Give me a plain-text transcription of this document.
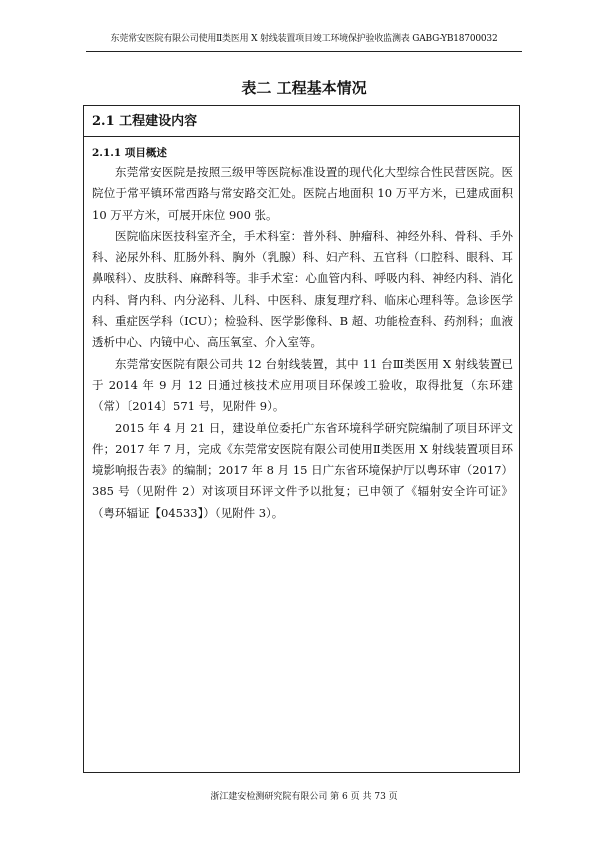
东莞常安医院有限公司使用Ⅱ类医用 X 射线装置项目竣工环境保护验收监测表 GABG-YB18700032
表二 工程基本情况
2.1 工程建设内容
2.1.1 项目概述

东莞常安医院是按照三级甲等医院标准设置的现代化大型综合性民营医院。医院位于常平镇环常西路与常安路交汇处。医院占地面积 10 万平方米，已建成面积 10 万平方米，可展开床位 900 张。

医院临床医技科室齐全，手术科室：普外科、肿瘤科、神经外科、骨科、手外科、泌尿外科、肛肠外科、胸外（乳腺）科、妇产科、五官科（口腔科、眼科、耳鼻喉科）、皮肤科、麻醉科等。非手术室：心血管内科、呼吸内科、神经内科、消化内科、肾内科、内分泌科、儿科、中医科、康复理疗科、临床心理科等。急诊医学科、重症医学科（ICU）；检验科、医学影像科、B 超、功能检查科、药剂科；血液透析中心、内镜中心、高压氧室、介入室等。

东莞常安医院有限公司共 12 台射线装置，其中 11 台Ⅲ类医用 X 射线装置已于 2014 年 9 月 12 日通过核技术应用项目环保竣工验收，取得批复（东环建（常）〔2014〕571 号，见附件 9）。

2015 年 4 月 21 日，建设单位委托广东省环境科学研究院编制了项目环评文件；2017 年 7 月，完成《东莞常安医院有限公司使用Ⅱ类医用 X 射线装置项目环境影响报告表》的编制；2017 年 8 月 15 日广东省环境保护厅以粤环审（2017）385 号（见附件 2）对该项目环评文件予以批复；已申领了《辐射安全许可证》（粤环辐证【04533】）（见附件 3）。

浙江建安检测研究院有限公司 第 6 页 共 73 页
